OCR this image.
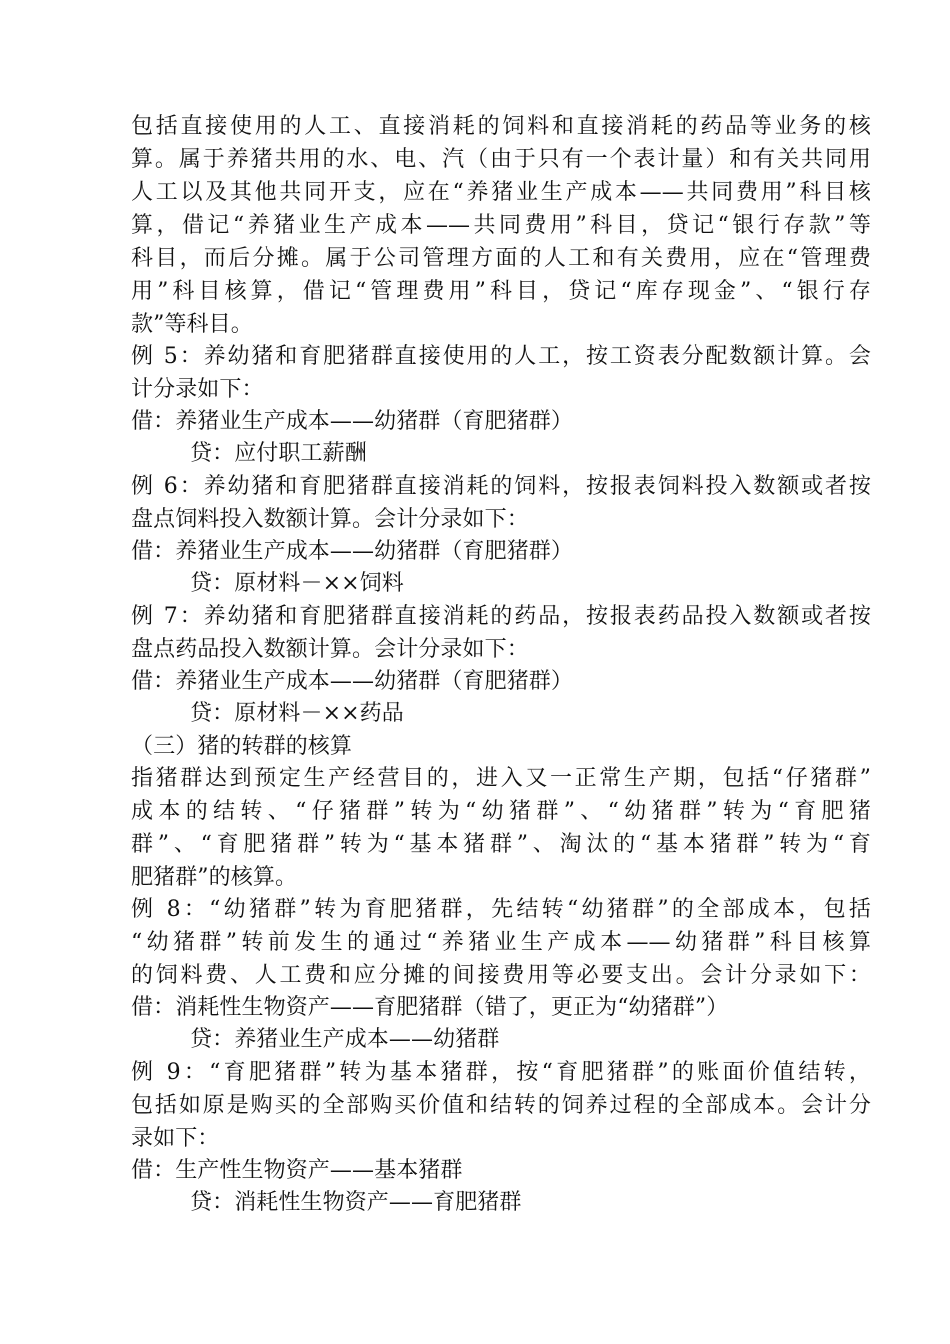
包括直接使用的人工、直接消耗的饲料和直接消耗的药品等业务的核
算。属于养猪共用的水、电、汽（由于只有一个表计量）和有关共同用
人工以及其他共同开支，应在“养猪业生产成本——共同费用”科目核
算，借记“养猪业生产成本——共同费用”科目，贷记“银行存款”等
科目，而后分摊。属于公司管理方面的人工和有关费用，应在“管理费
用”科目核算，借记“管理费用”科目，贷记“库存现金”、“银行存
款”等科目。
例 5：养幼猪和育肥猪群直接使用的人工，按工资表分配数额计算。会
计分录如下：
借：养猪业生产成本——幼猪群（育肥猪群）
贷：应付职工薪酬
例 6：养幼猪和育肥猪群直接消耗的饲料，按报表饲料投入数额或者按
盘点饲料投入数额计算。会计分录如下：
借：养猪业生产成本——幼猪群（育肥猪群）
贷：原材料－××饲料
例 7：养幼猪和育肥猪群直接消耗的药品，按报表药品投入数额或者按
盘点药品投入数额计算。会计分录如下：
借：养猪业生产成本——幼猪群（育肥猪群）
贷：原材料－××药品
（三）猪的转群的核算
指猪群达到预定生产经营目的，进入又一正常生产期，包括“仔猪群”
成本的结转、“仔猪群”转为“幼猪群”、“幼猪群”转为“育肥猪
群”、“育肥猪群”转为“基本猪群”、淘汰的“基本猪群”转为“育
肥猪群”的核算。
例 8：“幼猪群”转为育肥猪群，先结转“幼猪群”的全部成本，包括
“幼猪群”转前发生的通过“养猪业生产成本——幼猪群”科目核算
的饲料费、人工费和应分摊的间接费用等必要支出。会计分录如下：
借：消耗性生物资产——育肥猪群（错了，更正为“幼猪群”）
贷：养猪业生产成本——幼猪群
例 9：“育肥猪群”转为基本猪群，按“育肥猪群”的账面价值结转，
包括如原是购买的全部购买价值和结转的饲养过程的全部成本。会计分
录如下：
借：生产性生物资产——基本猪群
贷：消耗性生物资产——育肥猪群
